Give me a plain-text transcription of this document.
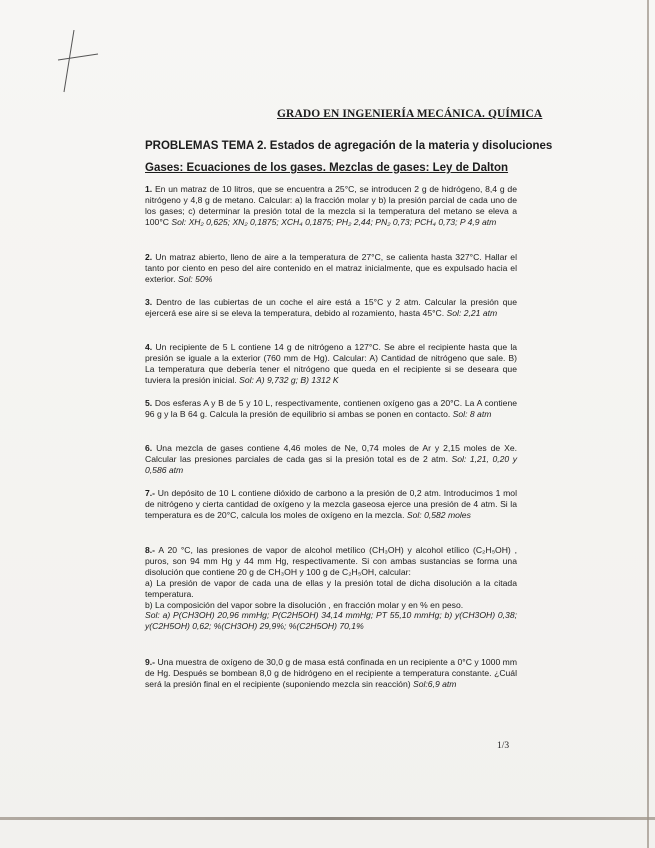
GRADO EN INGENIERÍA MECÁNICA. QUÍMICA
PROBLEMAS TEMA 2. Estados de agregación de la materia y disoluciones
Gases: Ecuaciones de los gases. Mezclas de gases: Ley de Dalton
1. En un matraz de 10 litros, que se encuentra a 25°C, se introducen 2 g de hidrógeno, 8,4 g de nitrógeno y 4,8 g de metano. Calcular: a) la fracción molar y b) la presión parcial de cada uno de los gases; c) determinar la presión total de la mezcla si la temperatura del metano se eleva a 100°C Sol: XH₂ 0,625; XN₂ 0,1875; XCH₄ 0,1875; PH₂ 2,44; PN₂ 0,73; PCH₄ 0,73; P 4,9 atm
2. Un matraz abierto, lleno de aire a la temperatura de 27°C, se calienta hasta 327°C. Hallar el tanto por ciento en peso del aire contenido en el matraz inicialmente, que es expulsado hacia el exterior. Sol: 50%
3. Dentro de las cubiertas de un coche el aire está a 15°C y 2 atm. Calcular la presión que ejercerá ese aire si se eleva la temperatura, debido al rozamiento, hasta 45°C. Sol: 2,21 atm
4. Un recipiente de 5 L contiene 14 g de nitrógeno a 127°C. Se abre el recipiente hasta que la presión se iguale a la exterior (760 mm de Hg). Calcular: A) Cantidad de nitrógeno que sale. B) La temperatura que debería tener el nitrógeno que queda en el recipiente si se deseara que tuviera la presión inicial. Sol: A) 9,732 g; B) 1312 K
5. Dos esferas A y B de 5 y 10 L, respectivamente, contienen oxígeno gas a 20°C. La A contiene 96 g y la B 64 g. Calcula la presión de equilibrio si ambas se ponen en contacto. Sol: 8 atm
6. Una mezcla de gases contiene 4,46 moles de Ne, 0,74 moles de Ar y 2,15 moles de Xe. Calcular las presiones parciales de cada gas si la presión total es de 2 atm. Sol: 1,21, 0,20 y 0,586 atm
7.- Un depósito de 10 L contiene dióxido de carbono a la presión de 0,2 atm. Introducimos 1 mol de nitrógeno y cierta cantidad de oxígeno y la mezcla gaseosa ejerce una presión de 4 atm. Si la temperatura es de 20°C, calcula los moles de oxígeno en la mezcla. Sol: 0,582 moles
8.- A 20 °C, las presiones de vapor de alcohol metílico (CH₃OH) y alcohol etílico (C₂H₅OH) , puros, son 94 mm Hg y 44 mm Hg, respectivamente. Si con ambas sustancias se forma una disolución que contiene 20 g de CH₃OH y 100 g de C₂H₅OH, calcular:
a) La presión de vapor de cada una de ellas y la presión total de dicha disolución a la citada temperatura.
b) La composición del vapor sobre la disolución , en fracción molar y en % en peso.
Sol: a) P(CH3OH) 20,96 mmHg; P(C2H5OH) 34,14 mmHg; PT 55,10 mmHg; b) y(CH3OH) 0,38; y(C2H5OH) 0,62; %(CH3OH) 29,9%; %(C2H5OH) 70,1%
9.- Una muestra de oxígeno de 30,0 g de masa está confinada en un recipiente a 0°C y 1000 mm de Hg. Después se bombean 8,0 g de hidrógeno en el recipiente a temperatura constante. ¿Cuál será la presión final en el recipiente (suponiendo mezcla sin reacción) Sol:6,9 atm
1/3
